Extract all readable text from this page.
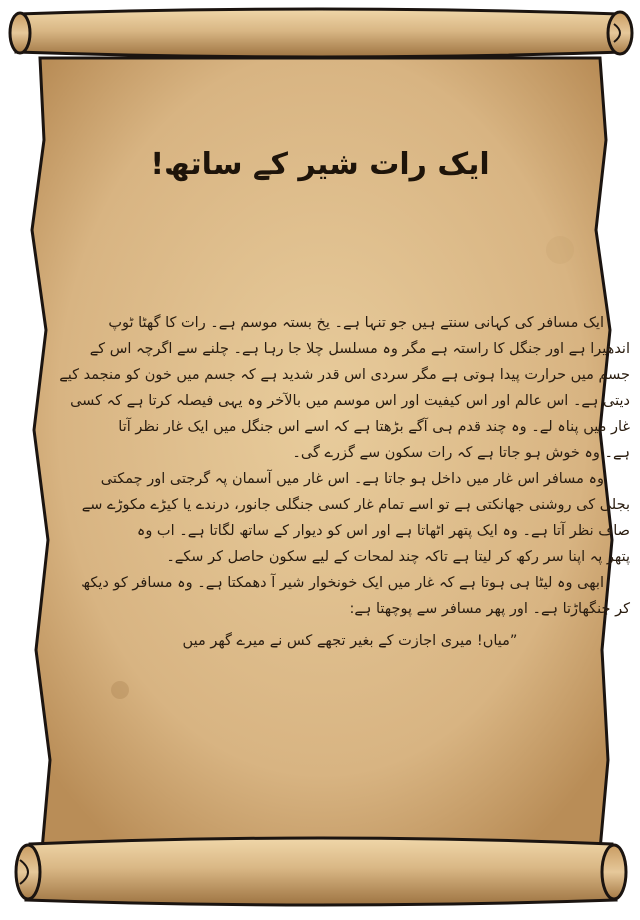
ایک رات شیر کے ساتھ!

ایک مسافر کی کہانی سنتے ہیں جو تنہا ہے۔ یخ بستہ موسم ہے۔ رات کا گھٹا ٹوپ
اندھیرا ہے اور جنگل کا راستہ ہے مگر وہ مسلسل چلا جا رہا ہے۔ چلنے سے اگرچہ اس کے
جسم میں حرارت پیدا ہوتی ہے مگر سردی اس قدر شدید ہے کہ جسم میں خون کو منجمد کیے
دیتی ہے۔ اس عالم اور اس کیفیت اور اس موسم میں بالآخر وہ یہی فیصلہ کرتا ہے کہ کسی
غار میں پناہ لے۔ وہ چند قدم ہی آگے بڑھتا ہے کہ اسے اس جنگل میں ایک غار نظر آتا
ہے۔ وہ خوش ہو جاتا ہے کہ رات سکون سے گزرے گی۔

وہ مسافر اس غار میں داخل ہو جاتا ہے۔ اس غار میں آسمان پہ گرجتی اور چمکتی
بجلی کی روشنی جھانکتی ہے تو اسے تمام غار کسی جنگلی جانور، درندے یا کیڑے مکوڑے سے
صاف نظر آتا ہے۔ وہ ایک پتھر اٹھاتا ہے اور اس کو دیوار کے ساتھ لگاتا ہے۔ اب وہ
پتھر پہ اپنا سر رکھ کر لیتا ہے تاکہ چند لمحات کے لیے سکون حاصل کر سکے۔

ابھی وہ لیٹا ہی ہوتا ہے کہ غار میں ایک خونخوار شیر آ دھمکتا ہے۔ وہ مسافر کو دیکھ
کر چنگھاڑتا ہے۔ اور پھر مسافر سے پوچھتا ہے:

”میاں! میری اجازت کے بغیر تجھے کس نے میرے گھر میں
